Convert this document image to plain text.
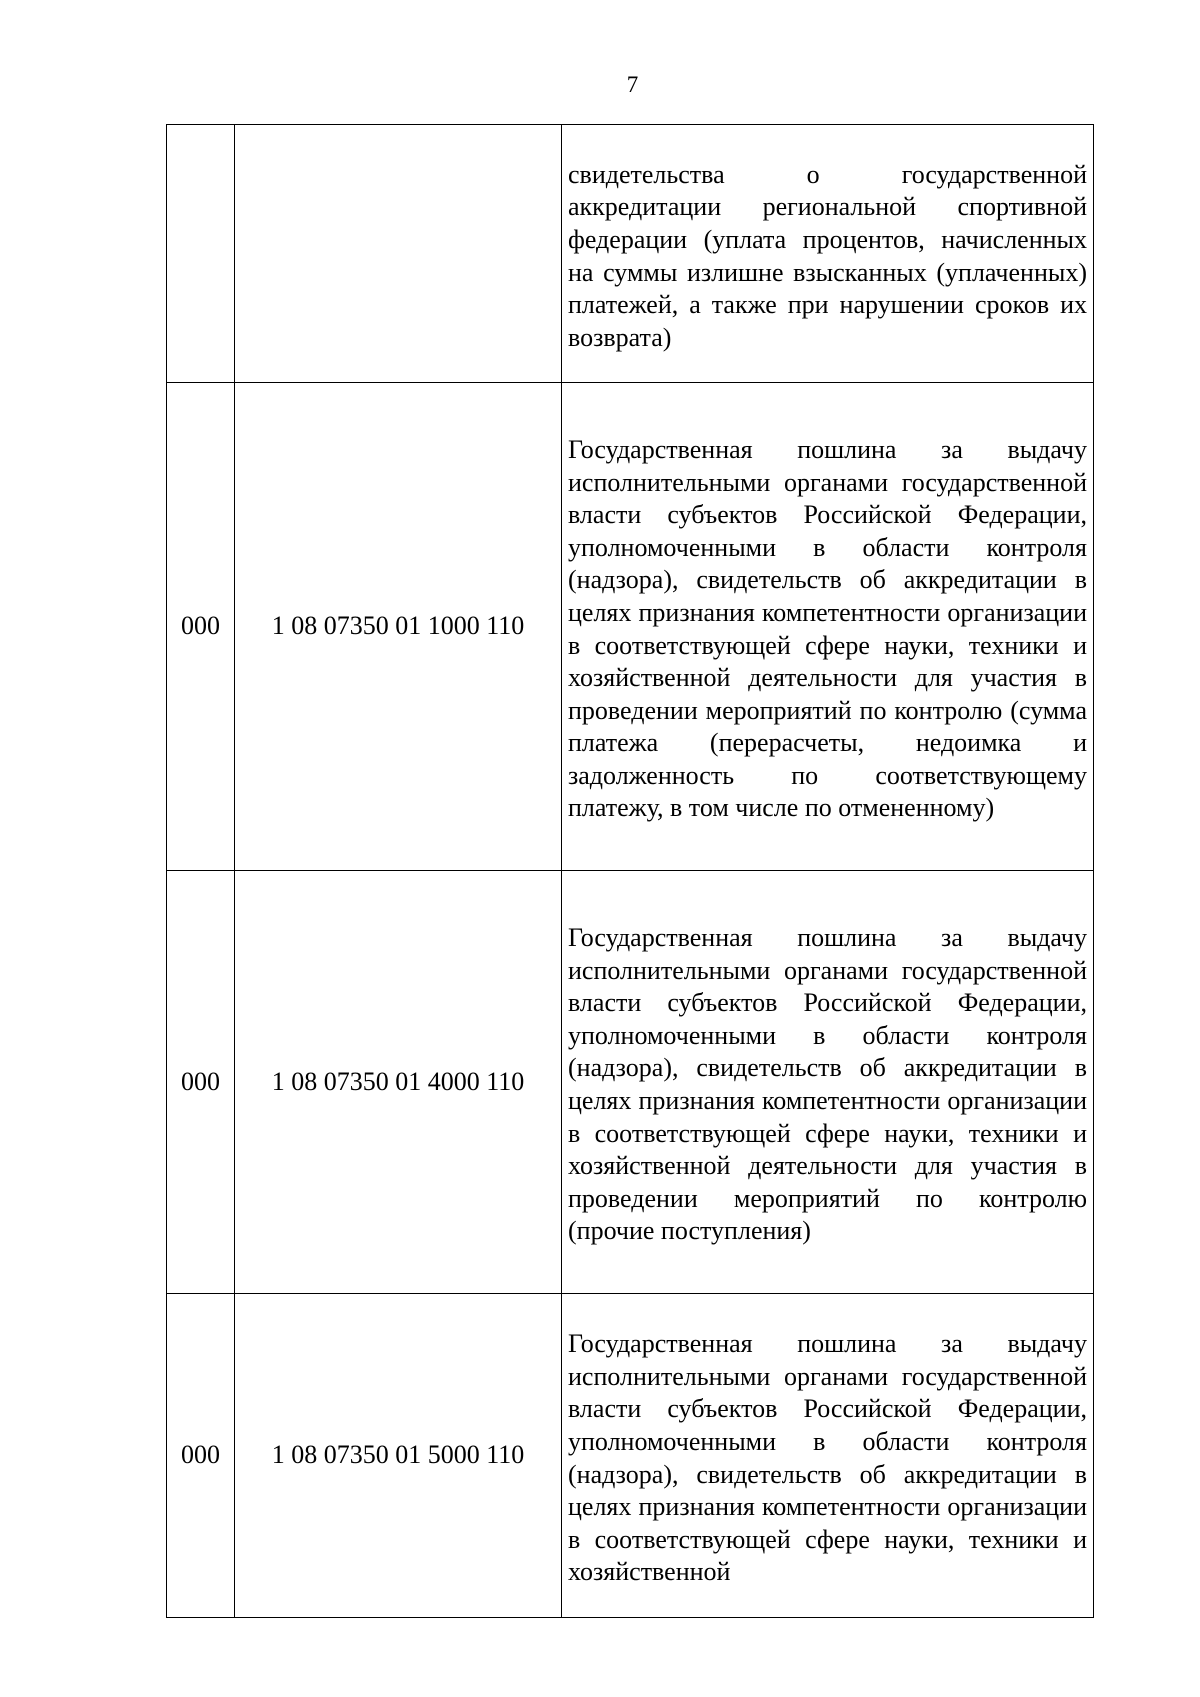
7
		свидетельства о государственной аккредитации региональной спортивной федерации (уплата процентов, начисленных на суммы излишне взысканных (уплаченных) платежей, а также при нарушении сроков их возврата)
000	1 08 07350 01 1000 110	Государственная пошлина за выдачу исполнительными органами государственной власти субъектов Российской Федерации, уполномоченными в области контроля (надзора), свидетельств об аккредитации в целях признания компетентности организации в соответствующей сфере науки, техники и хозяйственной деятельности для участия в проведении мероприятий по контролю (сумма платежа (перерасчеты, недоимка и задолженность по соответствующему платежу, в том числе по отмененному)
000	1 08 07350 01 4000 110	Государственная пошлина за выдачу исполнительными органами государственной власти субъектов Российской Федерации, уполномоченными в области контроля (надзора), свидетельств об аккредитации в целях признания компетентности организации в соответствующей сфере науки, техники и хозяйственной деятельности для участия в проведении мероприятий по контролю (прочие поступления)
000	1 08 07350 01 5000 110	Государственная пошлина за выдачу исполнительными органами государственной власти субъектов Российской Федерации, уполномоченными в области контроля (надзора), свидетельств об аккредитации в целях признания компетентности организации в соответствующей сфере науки, техники и хозяйственной
